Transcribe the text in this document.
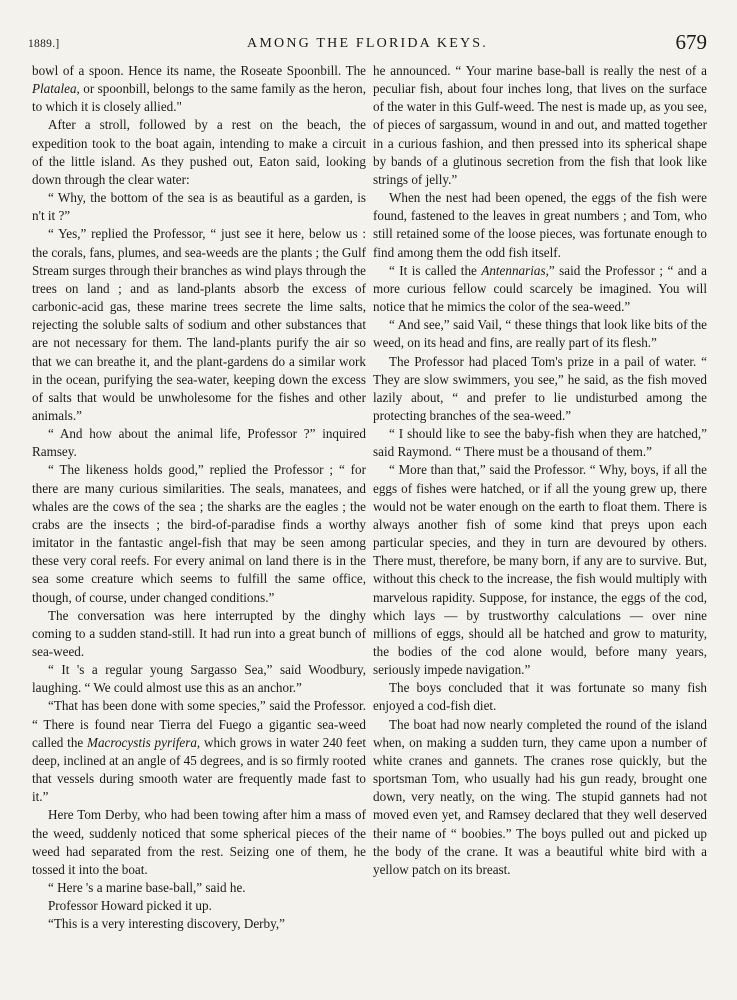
1889.]	AMONG THE FLORIDA KEYS.	679

bowl of a spoon. Hence its name, the Roseate Spoonbill. The Platalea, or spoonbill, belongs to the same family as the heron, to which it is closely allied."

After a stroll, followed by a rest on the beach, the expedition took to the boat again, intending to make a circuit of the little island. As they pushed out, Eaton said, looking down through the clear water:

“ Why, the bottom of the sea is as beautiful as a garden, is n't it ?”

“ Yes,” replied the Professor, “ just see it here, below us : the corals, fans, plumes, and sea-weeds are the plants ; the Gulf Stream surges through their branches as wind plays through the trees on land ; and as land-plants absorb the excess of carbonic-acid gas, these marine trees secrete the lime salts, rejecting the soluble salts of sodium and other substances that are not necessary for them. The land-plants purify the air so that we can breathe it, and the plant-gardens do a similar work in the ocean, purifying the sea-water, keeping down the excess of salts that would be unwholesome for the fishes and other animals.”

“ And how about the animal life, Professor ?” inquired Ramsey.

“ The likeness holds good,” replied the Professor ; “ for there are many curious similarities. The seals, manatees, and whales are the cows of the sea ; the sharks are the eagles ; the crabs are the insects ; the bird-of-paradise finds a worthy imitator in the fantastic angel-fish that may be seen among these very coral reefs. For every animal on land there is in the sea some creature which seems to fulfill the same office, though, of course, under changed conditions.”

The conversation was here interrupted by the dinghy coming to a sudden stand-still. It had run into a great bunch of sea-weed.

“ It 's a regular young Sargasso Sea,” said Woodbury, laughing. “ We could almost use this as an anchor.”

“That has been done with some species,” said the Professor. “ There is found near Tierra del Fuego a gigantic sea-weed called the Macrocystis pyrifera, which grows in water 240 feet deep, inclined at an angle of 45 degrees, and is so firmly rooted that vessels during smooth water are frequently made fast to it.”

Here Tom Derby, who had been towing after him a mass of the weed, suddenly noticed that some spherical pieces of the weed had separated from the rest. Seizing one of them, he tossed it into the boat.

“ Here 's a marine base-ball,” said he.

Professor Howard picked it up.

“This is a very interesting discovery, Derby,”

he announced. “ Your marine base-ball is really the nest of a peculiar fish, about four inches long, that lives on the surface of the water in this Gulf-weed. The nest is made up, as you see, of pieces of sargassum, wound in and out, and matted together in a curious fashion, and then pressed into its spherical shape by bands of a glutinous secretion from the fish that look like strings of jelly.”

When the nest had been opened, the eggs of the fish were found, fastened to the leaves in great numbers ; and Tom, who still retained some of the loose pieces, was fortunate enough to find among them the odd fish itself.

“ It is called the Antennarias,” said the Professor ; “ and a more curious fellow could scarcely be imagined. You will notice that he mimics the color of the sea-weed.”

“ And see,” said Vail, “ these things that look like bits of the weed, on its head and fins, are really part of its flesh.”

The Professor had placed Tom's prize in a pail of water. “ They are slow swimmers, you see,” he said, as the fish moved lazily about, “ and prefer to lie undisturbed among the protecting branches of the sea-weed.”

“ I should like to see the baby-fish when they are hatched,” said Raymond. “ There must be a thousand of them.”

“ More than that,” said the Professor. “ Why, boys, if all the eggs of fishes were hatched, or if all the young grew up, there would not be water enough on the earth to float them. There is always another fish of some kind that preys upon each particular species, and they in turn are devoured by others. There must, therefore, be many born, if any are to survive. But, without this check to the increase, the fish would multiply with marvelous rapidity. Suppose, for instance, the eggs of the cod, which lays — by trustworthy calculations — over nine millions of eggs, should all be hatched and grow to maturity, the bodies of the cod alone would, before many years, seriously impede navigation.”

The boys concluded that it was fortunate so many fish enjoyed a cod-fish diet.

The boat had now nearly completed the round of the island when, on making a sudden turn, they came upon a number of white cranes and gannets. The cranes rose quickly, but the sportsman Tom, who usually had his gun ready, brought one down, very neatly, on the wing. The stupid gannets had not moved even yet, and Ramsey declared that they well deserved their name of “ boobies.” The boys pulled out and picked up the body of the crane. It was a beautiful white bird with a yellow patch on its breast.
